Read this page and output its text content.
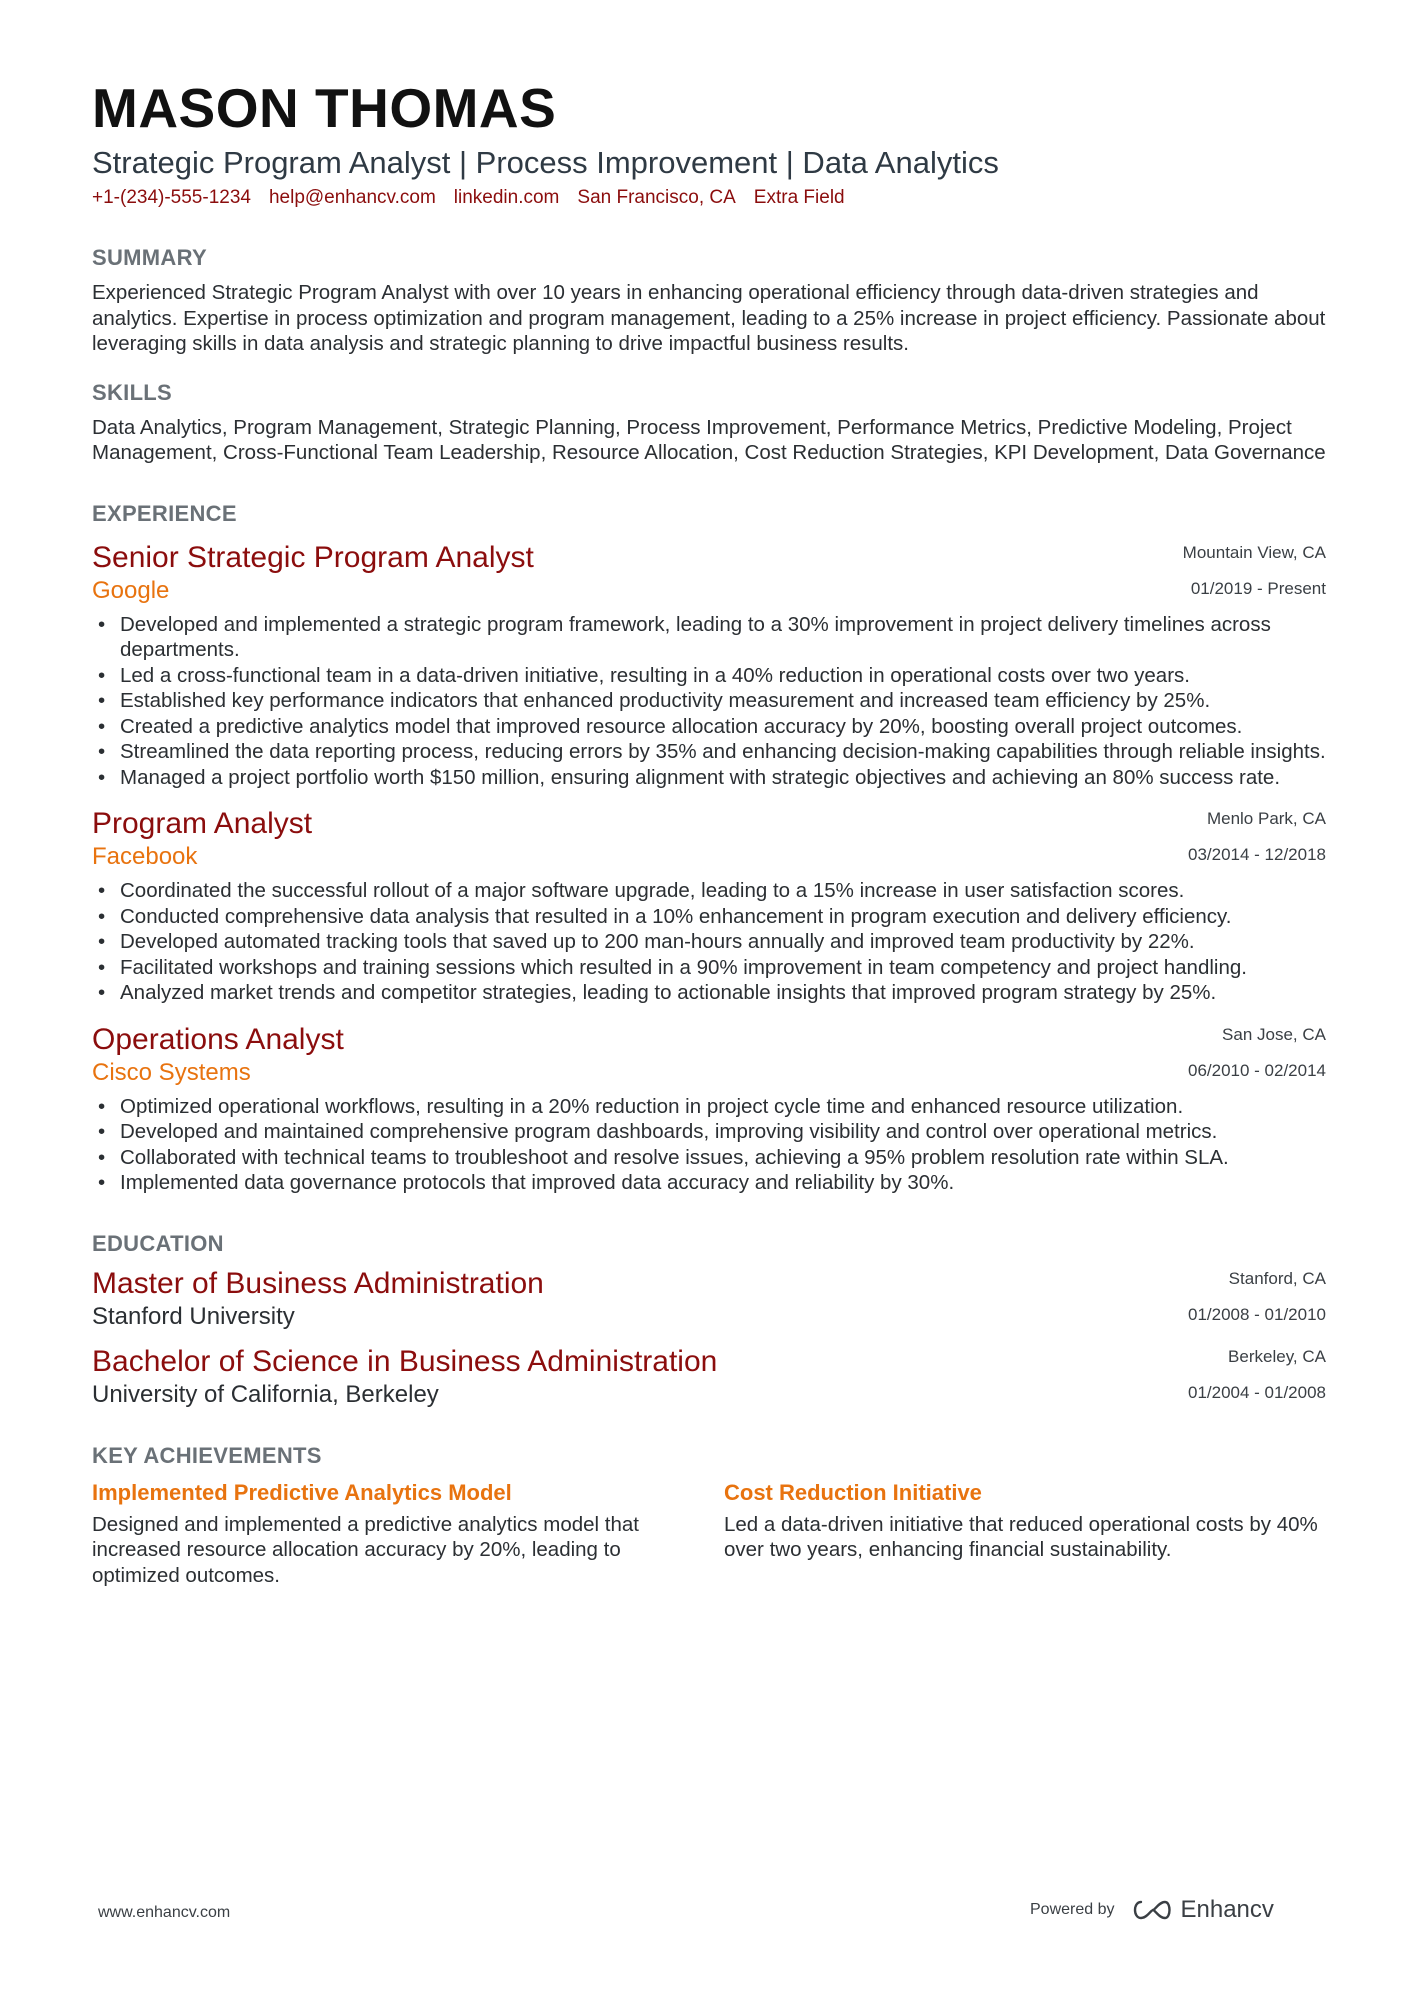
MASON THOMAS
Strategic Program Analyst | Process Improvement | Data Analytics
+1-(234)-555-1234 help@enhancv.com linkedin.com San Francisco, CA Extra Field
SUMMARY
Experienced Strategic Program Analyst with over 10 years in enhancing operational efficiency through data-driven strategies and analytics. Expertise in process optimization and program management, leading to a 25% increase in project efficiency. Passionate about leveraging skills in data analysis and strategic planning to drive impactful business results.
SKILLS
Data Analytics, Program Management, Strategic Planning, Process Improvement, Performance Metrics, Predictive Modeling, Project Management, Cross-Functional Team Leadership, Resource Allocation, Cost Reduction Strategies, KPI Development, Data Governance
EXPERIENCE
Senior Strategic Program Analyst
Google
Mountain View, CA
01/2019 - Present
• Developed and implemented a strategic program framework, leading to a 30% improvement in project delivery timelines across departments.
• Led a cross-functional team in a data-driven initiative, resulting in a 40% reduction in operational costs over two years.
• Established key performance indicators that enhanced productivity measurement and increased team efficiency by 25%.
• Created a predictive analytics model that improved resource allocation accuracy by 20%, boosting overall project outcomes.
• Streamlined the data reporting process, reducing errors by 35% and enhancing decision-making capabilities through reliable insights.
• Managed a project portfolio worth $150 million, ensuring alignment with strategic objectives and achieving an 80% success rate.
Program Analyst
Facebook
Menlo Park, CA
03/2014 - 12/2018
• Coordinated the successful rollout of a major software upgrade, leading to a 15% increase in user satisfaction scores.
• Conducted comprehensive data analysis that resulted in a 10% enhancement in program execution and delivery efficiency.
• Developed automated tracking tools that saved up to 200 man-hours annually and improved team productivity by 22%.
• Facilitated workshops and training sessions which resulted in a 90% improvement in team competency and project handling.
• Analyzed market trends and competitor strategies, leading to actionable insights that improved program strategy by 25%.
Operations Analyst
Cisco Systems
San Jose, CA
06/2010 - 02/2014
• Optimized operational workflows, resulting in a 20% reduction in project cycle time and enhanced resource utilization.
• Developed and maintained comprehensive program dashboards, improving visibility and control over operational metrics.
• Collaborated with technical teams to troubleshoot and resolve issues, achieving a 95% problem resolution rate within SLA.
• Implemented data governance protocols that improved data accuracy and reliability by 30%.
EDUCATION
Master of Business Administration
Stanford University
Stanford, CA
01/2008 - 01/2010
Bachelor of Science in Business Administration
University of California, Berkeley
Berkeley, CA
01/2004 - 01/2008
KEY ACHIEVEMENTS
Implemented Predictive Analytics Model
Designed and implemented a predictive analytics model that increased resource allocation accuracy by 20%, leading to optimized outcomes.
Cost Reduction Initiative
Led a data-driven initiative that reduced operational costs by 40% over two years, enhancing financial sustainability.
www.enhancv.com	Powered by	Enhancv
